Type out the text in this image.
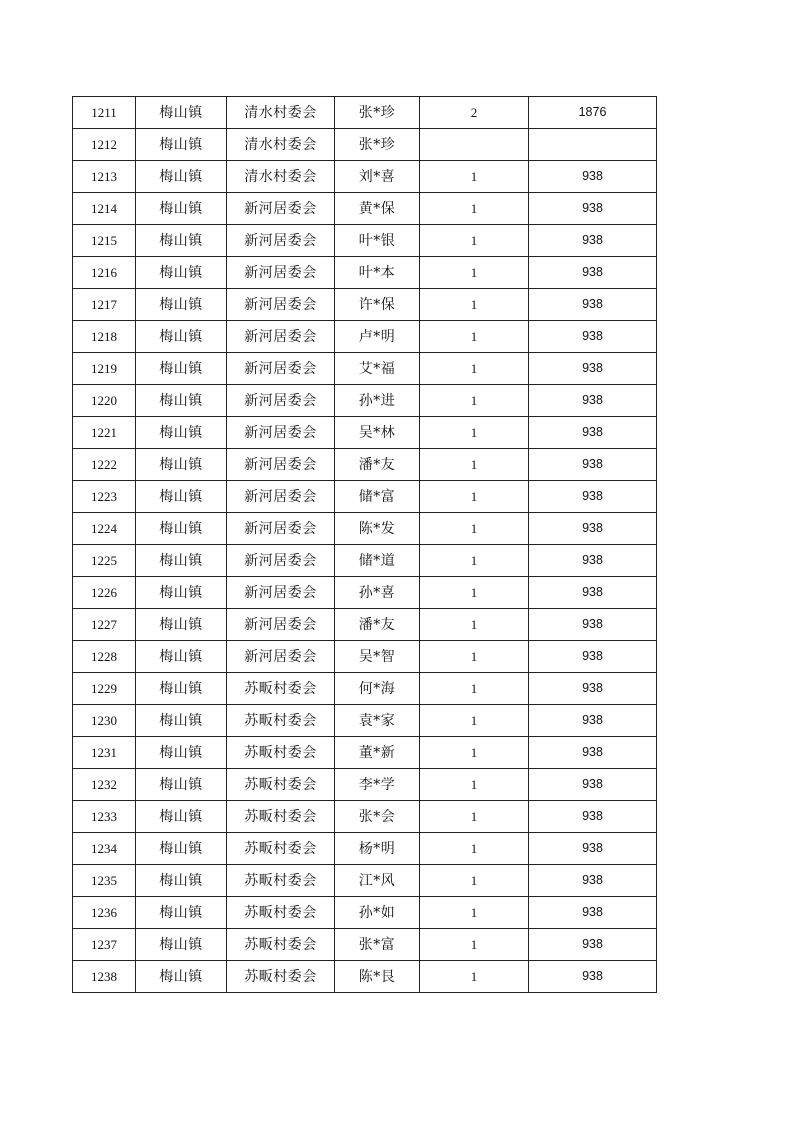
1211	梅山镇	清水村委会	张*珍	2	1876
1212	梅山镇	清水村委会	张*珍		
1213	梅山镇	清水村委会	刘*喜	1	938
1214	梅山镇	新河居委会	黄*保	1	938
1215	梅山镇	新河居委会	叶*银	1	938
1216	梅山镇	新河居委会	叶*本	1	938
1217	梅山镇	新河居委会	许*保	1	938
1218	梅山镇	新河居委会	卢*明	1	938
1219	梅山镇	新河居委会	艾*福	1	938
1220	梅山镇	新河居委会	孙*进	1	938
1221	梅山镇	新河居委会	吴*林	1	938
1222	梅山镇	新河居委会	潘*友	1	938
1223	梅山镇	新河居委会	储*富	1	938
1224	梅山镇	新河居委会	陈*发	1	938
1225	梅山镇	新河居委会	储*道	1	938
1226	梅山镇	新河居委会	孙*喜	1	938
1227	梅山镇	新河居委会	潘*友	1	938
1228	梅山镇	新河居委会	吴*智	1	938
1229	梅山镇	苏畈村委会	何*海	1	938
1230	梅山镇	苏畈村委会	袁*家	1	938
1231	梅山镇	苏畈村委会	董*新	1	938
1232	梅山镇	苏畈村委会	李*学	1	938
1233	梅山镇	苏畈村委会	张*会	1	938
1234	梅山镇	苏畈村委会	杨*明	1	938
1235	梅山镇	苏畈村委会	江*风	1	938
1236	梅山镇	苏畈村委会	孙*如	1	938
1237	梅山镇	苏畈村委会	张*富	1	938
1238	梅山镇	苏畈村委会	陈*艮	1	938
